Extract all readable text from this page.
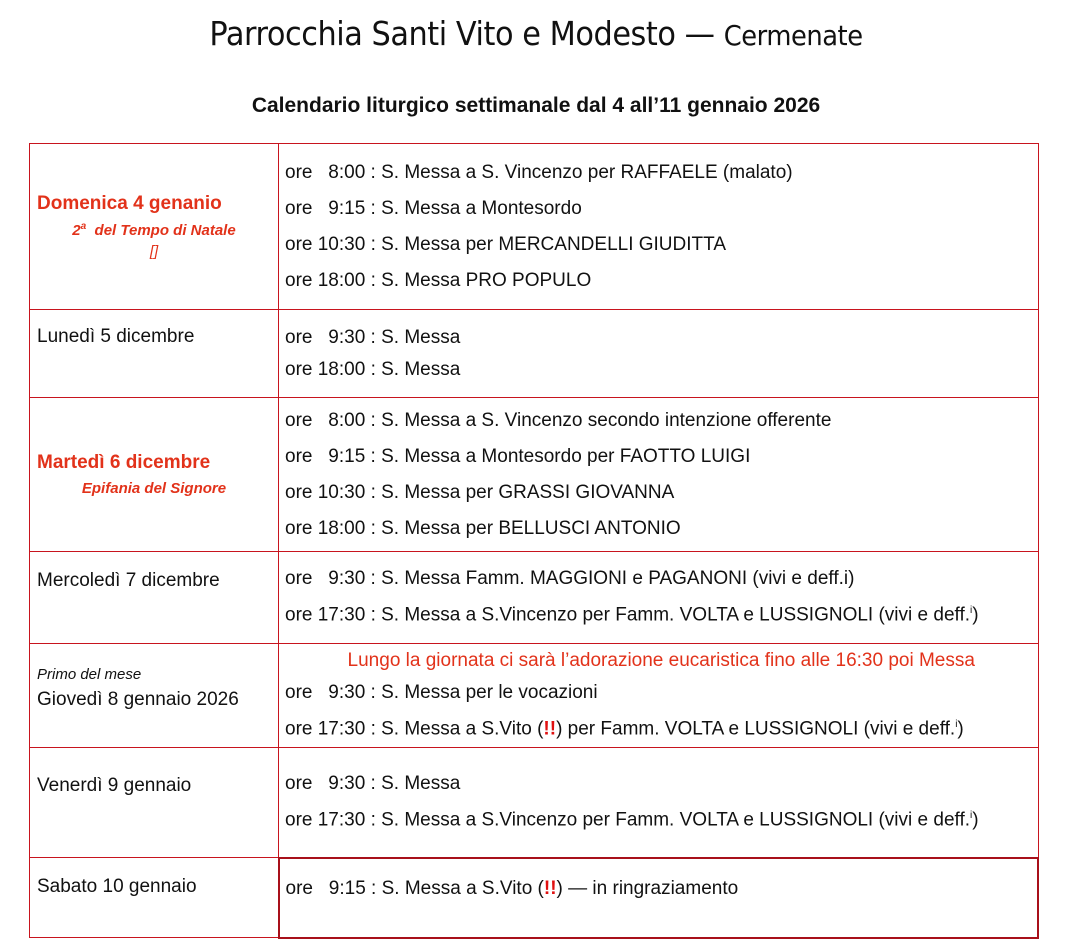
Parrocchia Santi Vito e Modesto — Cermenate
Calendario liturgico settimanale dal 4 all’11 gennaio 2026
Domenica 4 genanio
2$^a$  del Tempo di Natale
[]

ore   8:00 : S. Messa a S. Vincenzo per RAFFAELE (malato)
ore   9:15 : S. Messa a Montesordo
ore 10:30 : S. Messa per MERCANDELLI GIUDITTA
ore 18:00 : S. Messa PRO POPULO

Lunedì 5 dicembre	ore   9:30 : S. Messa
ore 18:00 : S. Messa

Martedì 6 dicembre
Epifania del Signore

ore   8:00 : S. Messa a S. Vincenzo secondo intenzione offerente
ore   9:15 : S. Messa a Montesordo per FAOTTO LUIGI
ore 10:30 : S. Messa per GRASSI GIOVANNA
ore 18:00 : S. Messa per BELLUSCI ANTONIO

Mercoledì 7 dicembre	ore   9:30 : S. Messa Famm. MAGGIONI e PAGANONI (vivi e deff.i)
ore 17:30 : S. Messa a S.Vincenzo per Famm. VOLTA e LUSSIGNOLI (vivi e deff.$^i$)

Primo del mese
Giovedì 8 gennaio 2026

Lungo la giornata ci sarà l’adorazione eucaristica fino alle 16:30 poi Messa
ore   9:30 : S. Messa per le vocazioni
ore 17:30 : S. Messa a S.Vito (!!) per Famm. VOLTA e LUSSIGNOLI (vivi e deff.$^i$)

Venerdì 9 gennaio	ore   9:30 : S. Messa
ore 17:30 : S. Messa a S.Vincenzo per Famm. VOLTA e LUSSIGNOLI (vivi e deff.$^i$)

Sabato 10 gennaio	ore   9:15 : S. Messa a S.Vito (!!) — in ringraziamento
